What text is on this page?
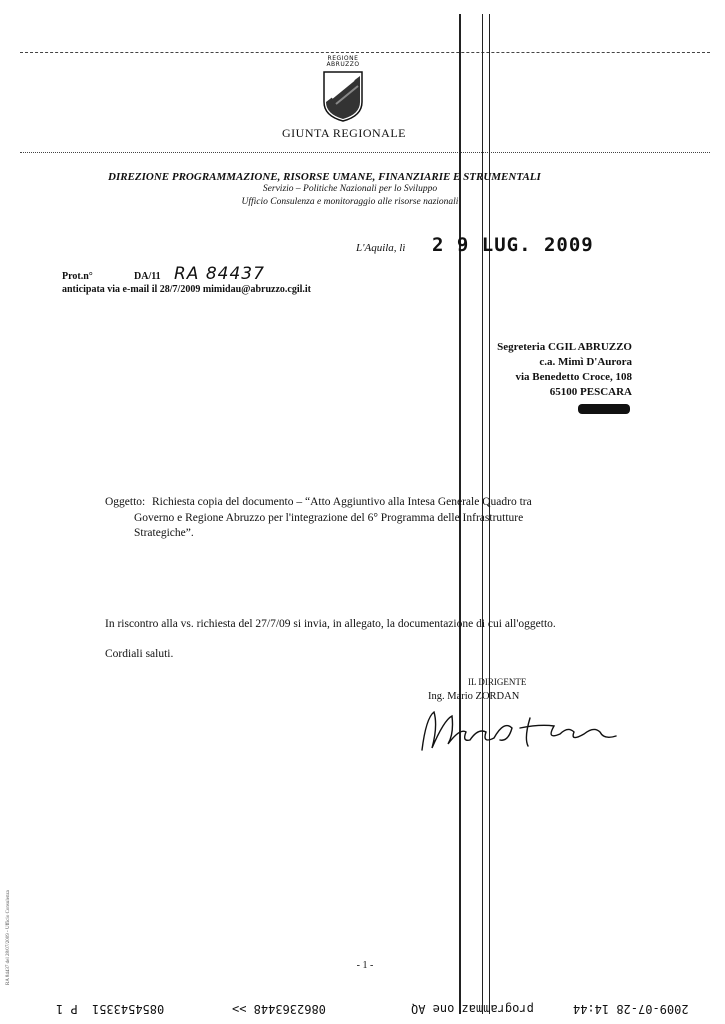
REGIONE ABRUZZO
GIUNTA REGIONALE
DIREZIONE PROGRAMMAZIONE, RISORSE UMANE, FINANZIARIE E STRUMENTALI
Servizio – Politiche Nazionali per lo Sviluppo
Ufficio Consulenza e monitoraggio alle risorse nazionali
L'Aquila, lì 2 9 LUG. 2009
Prot.n°	DA/11 RA 84437
anticipata via e-mail il 28/7/2009 mimidau@abruzzo.cgil.it
Segreteria CGIL ABRUZZO
c.a. Mimì D'Aurora
via Benedetto Croce, 108
65100 PESCARA
Oggetto: Richiesta copia del documento – “Atto Aggiuntivo alla Intesa Generale Quadro tra
Governo e Regione Abruzzo per l'integrazione del 6° Programma delle Infrastrutture
Strategiche”.
In riscontro alla vs. richiesta del 27/7/09 si invia, in allegato, la documentazione di cui all'oggetto.
Cordiali saluti.
IL DIRIGENTE
Ing. Mario ZORDAN
- 1 -
RA 84437 del 28/07/2009 - Ufficio Consulenza
P 1 0854543351	0862363448 >>	programmaz one AQ	2009-07-28 14:44
